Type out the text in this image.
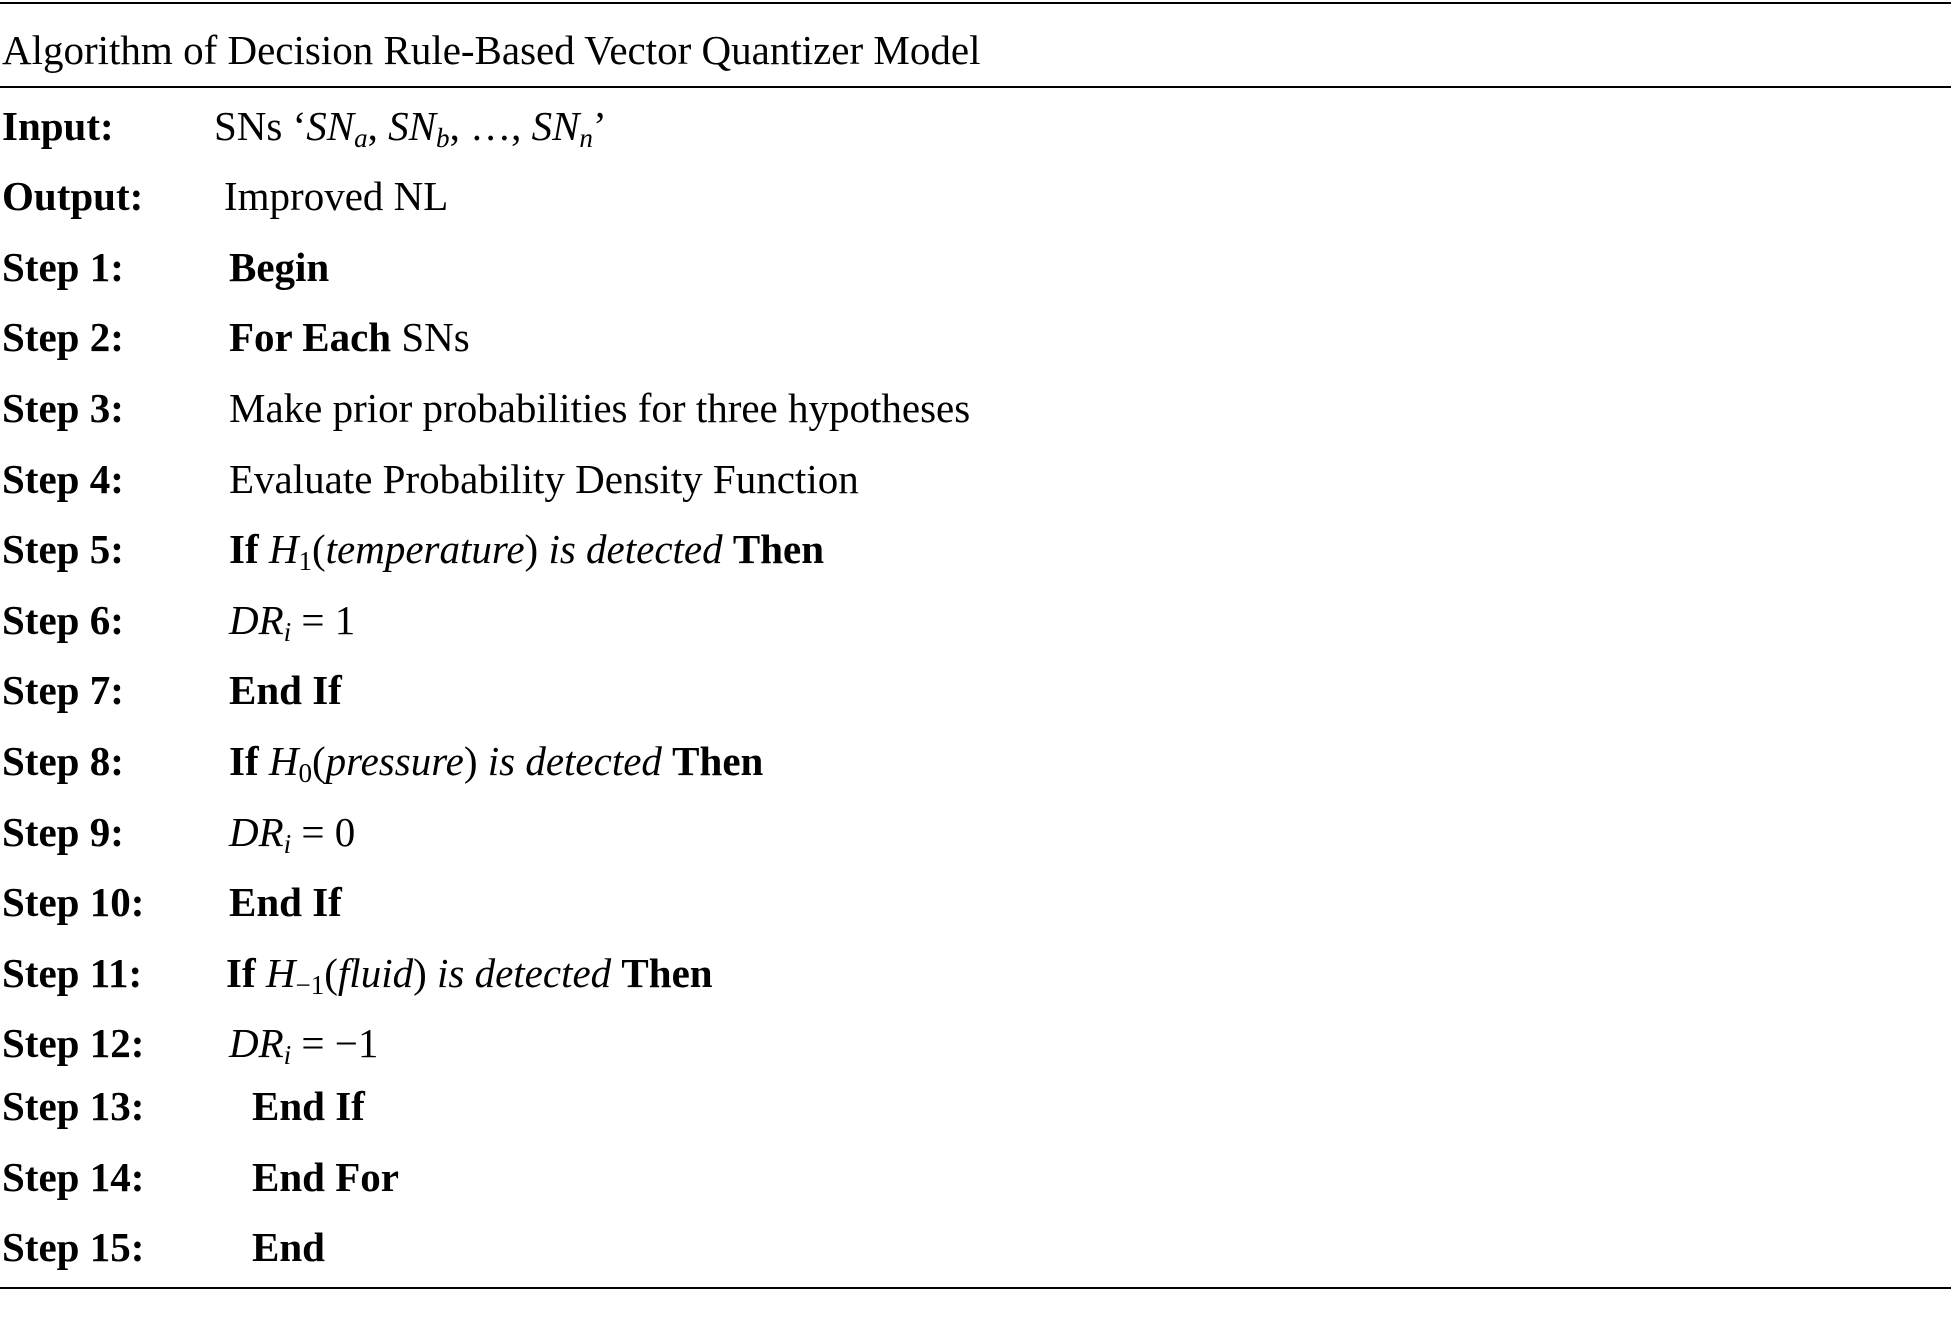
Algorithm of Decision Rule-Based Vector Quantizer Model
Input: SNs ‘$SN_a$, $SN_b$, …, $SN_n$’
Output: Improved NL
Step 1:	Begin
Step 2:	For Each SNs
Step 3:	Make prior probabilities for three hypotheses
Step 4:	Evaluate Probability Density Function
Step 5:	If $H_1(temperature)$ is detected Then
Step 6:	$DR_i = 1$
Step 7:	End If
Step 8:	If $H_0(pressure)$ is detected Then
Step 9:	$DR_i = 0$
Step 10: End If
Step 11: If $H_{-1}(fluid)$ is detected Then
Step 12: $DR_i = -1$
Step 13:	End If
Step 14:	End For
Step 15:	End
